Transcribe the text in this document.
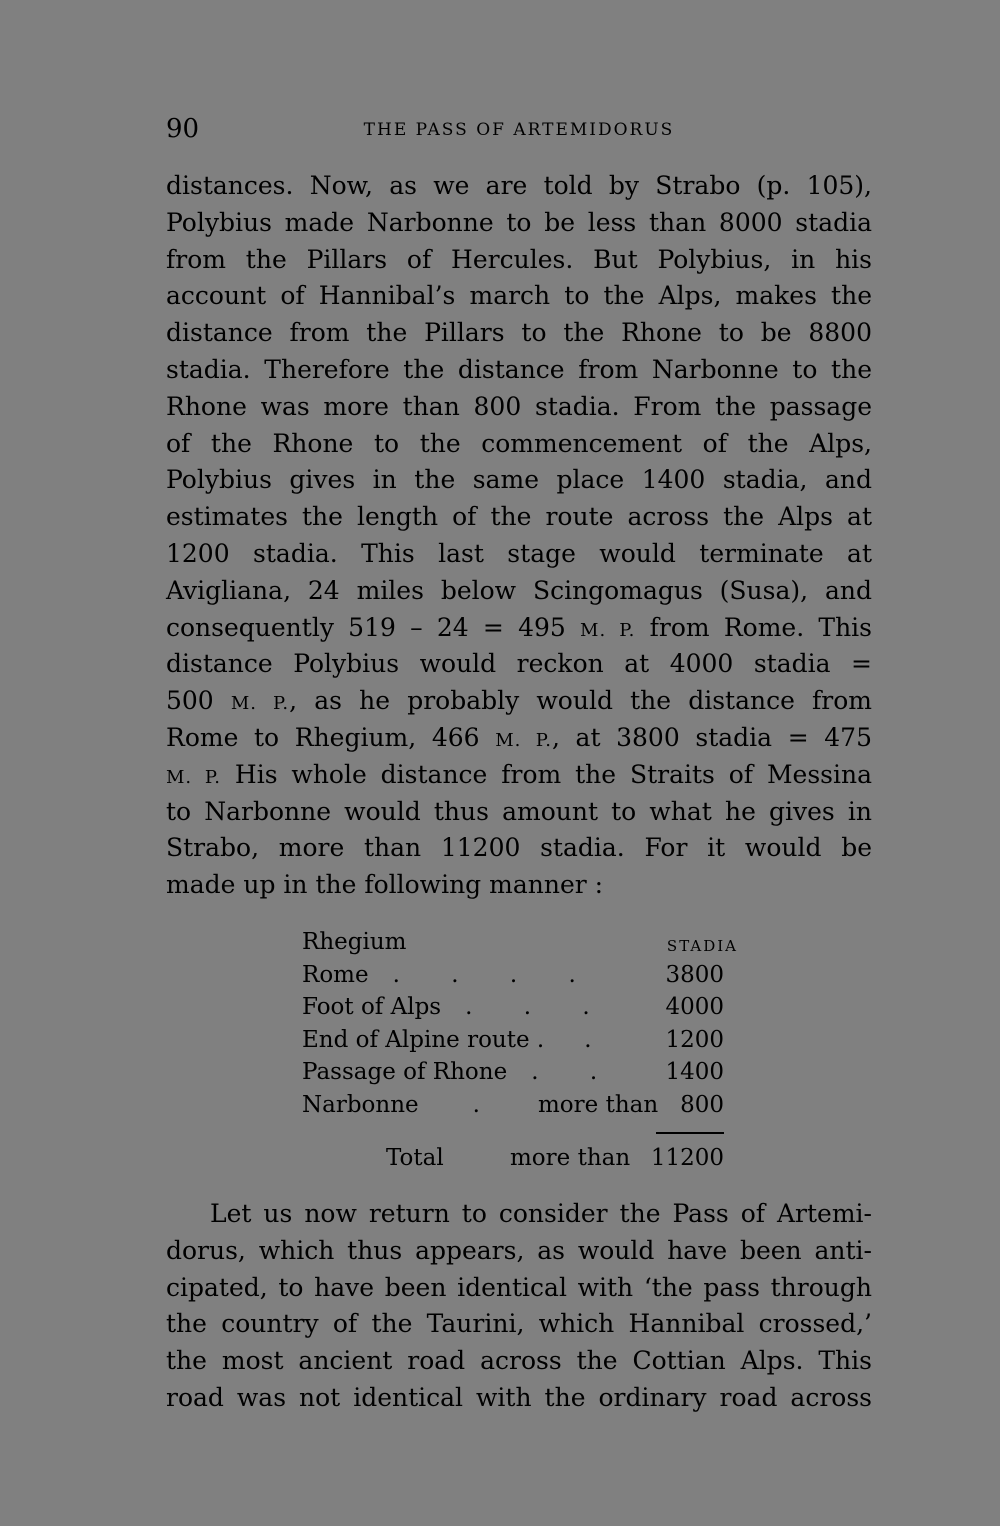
90	THE PASS OF ARTEMIDORUS
distances. Now, as we are told by Strabo (p. 105),
Polybius made Narbonne to be less than 8000 stadia
from the Pillars of Hercules. But Polybius, in his
account of Hannibal’s march to the Alps, makes the
distance from the Pillars to the Rhone to be 8800
stadia. Therefore the distance from Narbonne to the
Rhone was more than 800 stadia. From the passage
of the Rhone to the commencement of the Alps,
Polybius gives in the same place 1400 stadia, and
estimates the length of the route across the Alps at
1200 stadia. This last stage would terminate at
Avigliana, 24 miles below Scingomagus (Susa), and
consequently 519 – 24 = 495 M. P. from Rome. This
distance Polybius would reckon at 4000 stadia =
500 M. P., as he probably would the distance from
Rome to Rhegium, 466 M. P., at 3800 stadia = 475
M. P. His whole distance from the Straits of Messina
to Narbonne would thus amount to what he gives in
Strabo, more than 11200 stadia. For it would be
made up in the following manner :
Rhegium	STADIA
Rome	3800
. . . .
Foot of Alps	4000
. . .
End of Alpine route .	1200
.
Passage of Rhone	1400
. .
Narbonne	more than 800
.
Total	more than 11200
Let us now return to consider the Pass of Artemi-
dorus, which thus appears, as would have been anti-
cipated, to have been identical with ‘the pass through
the country of the Taurini, which Hannibal crossed,’
the most ancient road across the Cottian Alps. This
road was not identical with the ordinary road across
